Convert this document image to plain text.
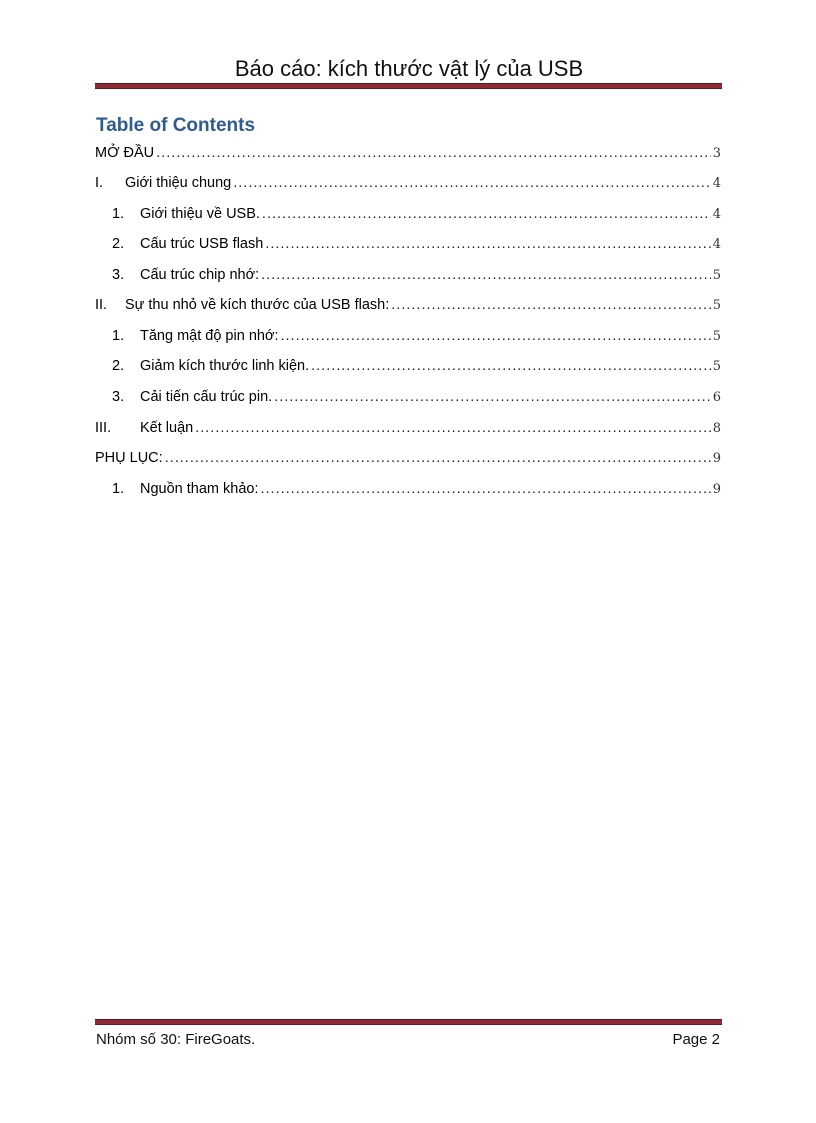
Báo cáo: kích thước vật lý của USB
Table of Contents
MỞ ĐẦU .....	3
I.	Giới thiệu chung .....	4
1.	Giới thiệu về USB. .....	4
2.	Cấu trúc USB flash .....	4
3.	Cấu trúc chip nhớ: .....	5
II.	Sự thu nhỏ về kích thước của USB flash: .....	5
1.	Tăng mật độ pin nhớ: .....	5
2.	Giảm kích thước linh kiện. .....	5
3.	Cải tiến cấu trúc pin. .....	6
III.	Kết luận .....	8
PHỤ LỤC: .....	9
1.	Nguồn tham khảo: .....	9
Nhóm số 30: FireGoats.	Page 2
